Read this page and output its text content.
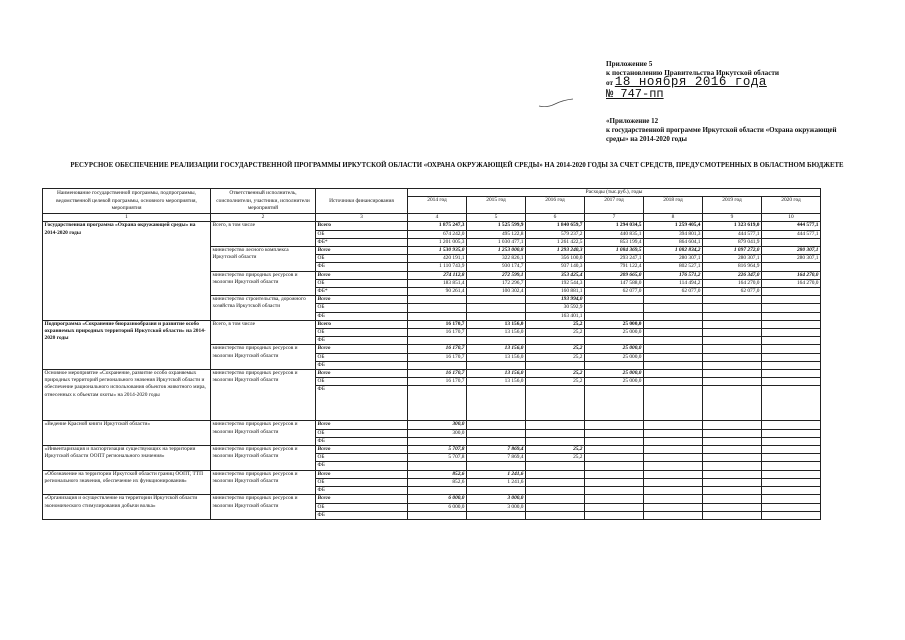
Приложение 5
к постановлению Правительства Иркутской области
от 18 ноября 2016 года
№ 747-пп
«Приложение 12
к государственной программе Иркутской области «Охрана окружающей среды» на 2014-2020 годы
РЕСУРСНОЕ ОБЕСПЕЧЕНИЕ РЕАЛИЗАЦИИ ГОСУДАРСТВЕННОЙ ПРОГРАММЫ ИРКУТСКОЙ ОБЛАСТИ «ОХРАНА ОКРУЖАЮЩЕЙ СРЕДЫ» НА 2014-2020 ГОДЫ ЗА СЧЕТ СРЕДСТВ, ПРЕДУСМОТРЕННЫХ В ОБЛАСТНОМ БЮДЖЕТЕ
Наименование государственной программы, подпрограммы, ведомственной целевой программы, основного мероприятия, мероприятия	Ответственный исполнитель, соисполнители, участники, исполнители мероприятий	Источники финансирования	Расходы (тыс.руб.), годы						
			2014 год	2015 год	2016 год	2017 год	2018 год	2019 год	2020 год
1	2	3	4	5	6	7	8	9	10
Государственная программа «Охрана окружающей среды» на 2014-2020 годы	Всего, в том числе	Всего	1 875 247,3	1 525 599,9	1 840 659,7	1 294 034,5	1 259 405,4	1 323 619,0	444 577,1
		ОБ	674 242,0	495 122,8	579 237,2	440 835,1	394 801,3	444 577,1	444 577,1
		ФБ*	1 201 005,3	1 030 477,1	1 261 422,5	853 199,4	864 604,1	879 041,9	
	министерство лесного комплекса Иркутской области	Всего	1 530 935,0	1 253 000,8	1 293 240,3	1 084 369,5	1 082 834,2	1 097 272,0	280 307,1
		ОБ	420 191,1	322 826,1	356 100,0	293 247,1	280 307,1	280 307,1	280 307,1
		ФБ	1 110 743,9	930 174,7	937 140,3	791 122,4	802 527,1	816 964,9	
	министерство природных ресурсов и экологии Иркутской области	Всего	274 112,8	272 599,1	353 425,4	209 665,0	176 571,2	226 347,0	164 270,0
		ОБ	183 851,4	172 296,7	192 544,3	147 588,0	114 494,2	164 270,0	164 270,0
		ФБ*	90 261,4	100 302,4	160 881,1	62 077,0	62 077,0	62 077,0	
	министерство строительства, дорожного хозяйства Иркутской области	Всего			193 994,0				
		ОБ			30 592,9				
		ФБ			163 401,1				
Подпрограмма «Сохранение биоразнообразия и развитие особо охраняемых природных территорий Иркутской области» на 2014-2020 годы	Всего, в том числе	Всего	16 170,7	13 156,0	25,2	25 000,0			
		ОБ	16 170,7	13 156,0	25,2	25 000,0			
		ФБ							
	министерство природных ресурсов и экологии Иркутской области	Всего	16 170,7	13 156,0	25,2	25 000,0			
		ОБ	16 170,7	13 156,0	25,2	25 000,0			
		ФБ							
Основное мероприятие «Сохранение, развитие особо охраняемых природных территорий регионального значения Иркутской области и обеспечение рационального использования объектов животного мира, отнесенных к объектам охоты» на 2014-2020 годы	министерство природных ресурсов и экологии Иркутской области	Всего	16 170,7	13 156,0	25,2	25 000,0			
		ОБ	16 170,7	13 156,0	25,2	25 000,0			
		ФБ							
«Ведение Красной книги Иркутской области»	министерство природных ресурсов и экологии Иркутской области	Всего	300,0						
		ОБ	300,0						
		ФБ							
«Инвентаризация и паспортизация существующих на территории Иркутской области ООПТ регионального значения»	министерство природных ресурсов и экологии Иркутской области	Всего	5 707,8	7 869,4	25,2				
		ОБ	5 707,8	7 869,4	25,2				
		ФБ							
«Обозначение на территории Иркутской области границ ООПТ, ТТП регионального значения, обеспечение их функционирования»	министерство природных ресурсов и экологии Иркутской области	Всего	852,6	1 241,6					
		ОБ	852,6	1 241,6					
		ФБ							
«Организация и осуществление на территории Иркутской области экономического стимулирования добычи волка»	министерство природных ресурсов и экологии Иркутской области	Всего	6 000,0	3 000,0					
		ОБ	6 000,0	3 000,0					
		ФБ							
